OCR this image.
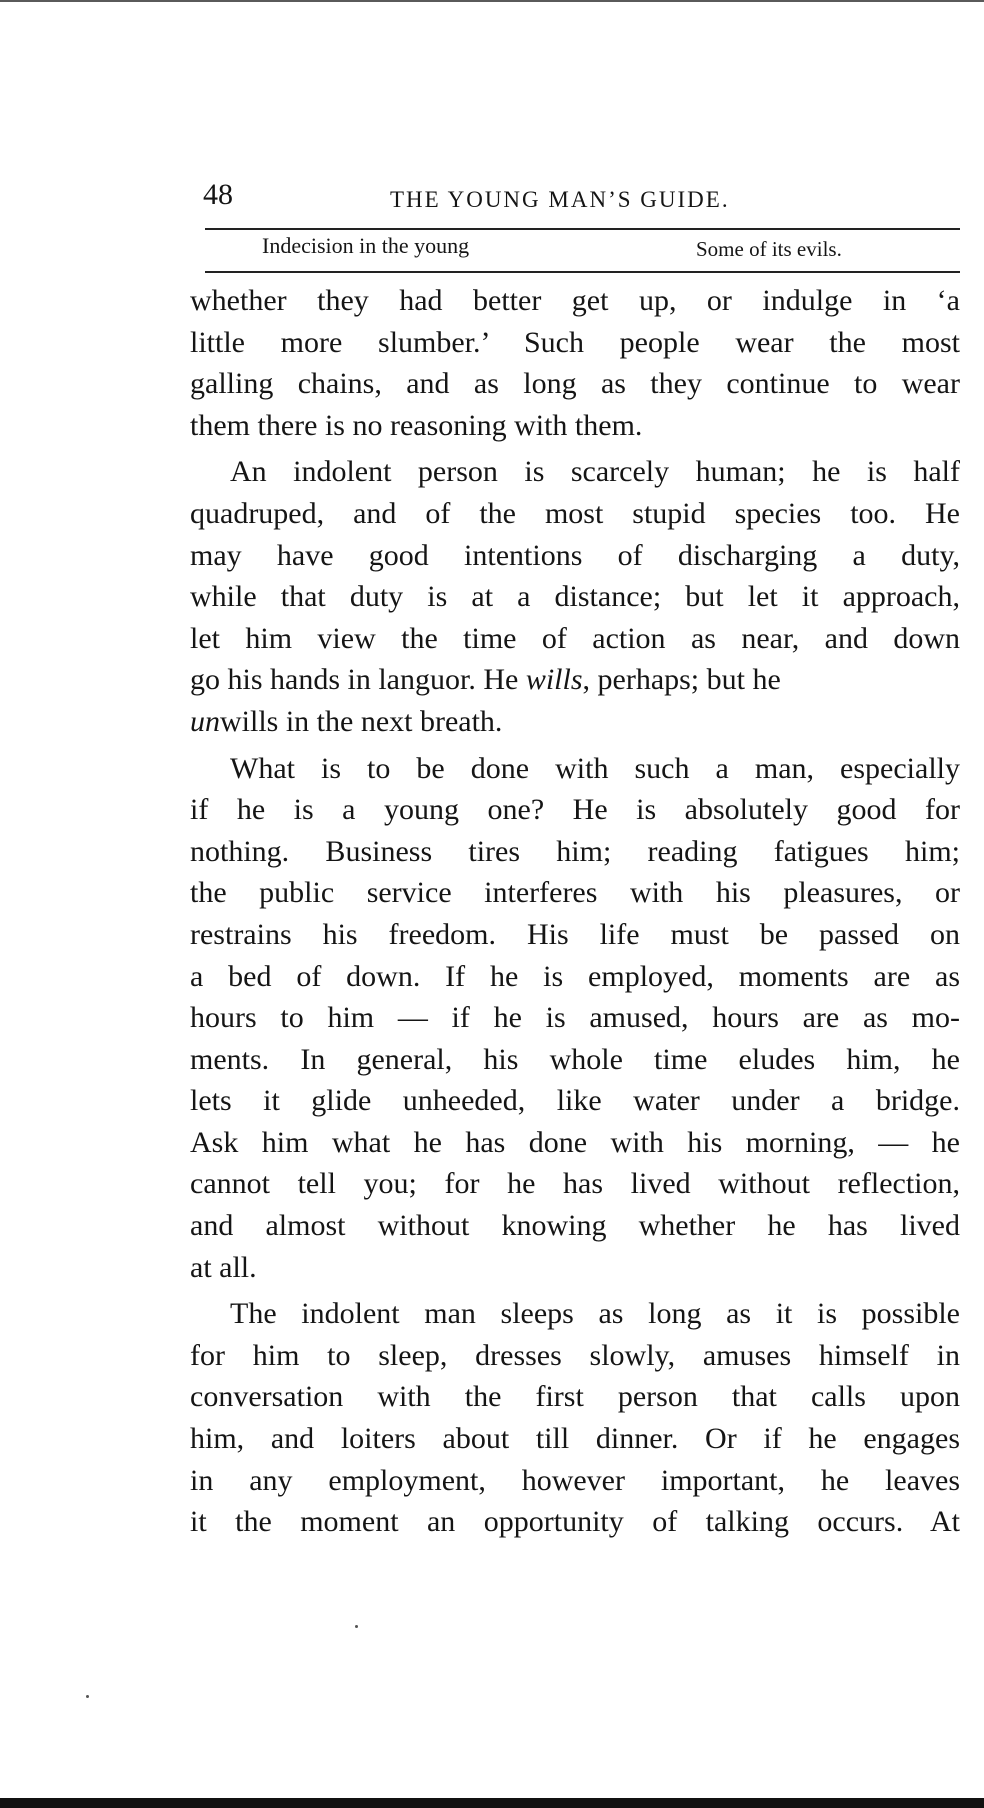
48	THE YOUNG MAN’S GUIDE.
Indecision in the young	Some of its evils.
whether they had better get up, or indulge in ‘a
little more slumber.’ Such people wear the most
galling chains, and as long as they continue to wear
them there is no reasoning with them.
An indolent person is scarcely human; he is half
quadruped, and of the most stupid species too. He
may have good intentions of discharging a duty,
while that duty is at a distance; but let it approach,
let him view the time of action as near, and down
go his hands in languor. He wills, perhaps; but he
unwills in the next breath.
What is to be done with such a man, especially
if he is a young one? He is absolutely good for
nothing. Business tires him; reading fatigues him;
the public service interferes with his pleasures, or
restrains his freedom. His life must be passed on
a bed of down. If he is employed, moments are as
hours to him — if he is amused, hours are as mo-
ments. In general, his whole time eludes him, he
lets it glide unheeded, like water under a bridge.
Ask him what he has done with his morning, — he
cannot tell you; for he has lived without reflection,
and almost without knowing whether he has lived
at all.
The indolent man sleeps as long as it is possible
for him to sleep, dresses slowly, amuses himself in
conversation with the first person that calls upon
him, and loiters about till dinner. Or if he engages
in any employment, however important, he leaves
it the moment an opportunity of talking occurs. At
